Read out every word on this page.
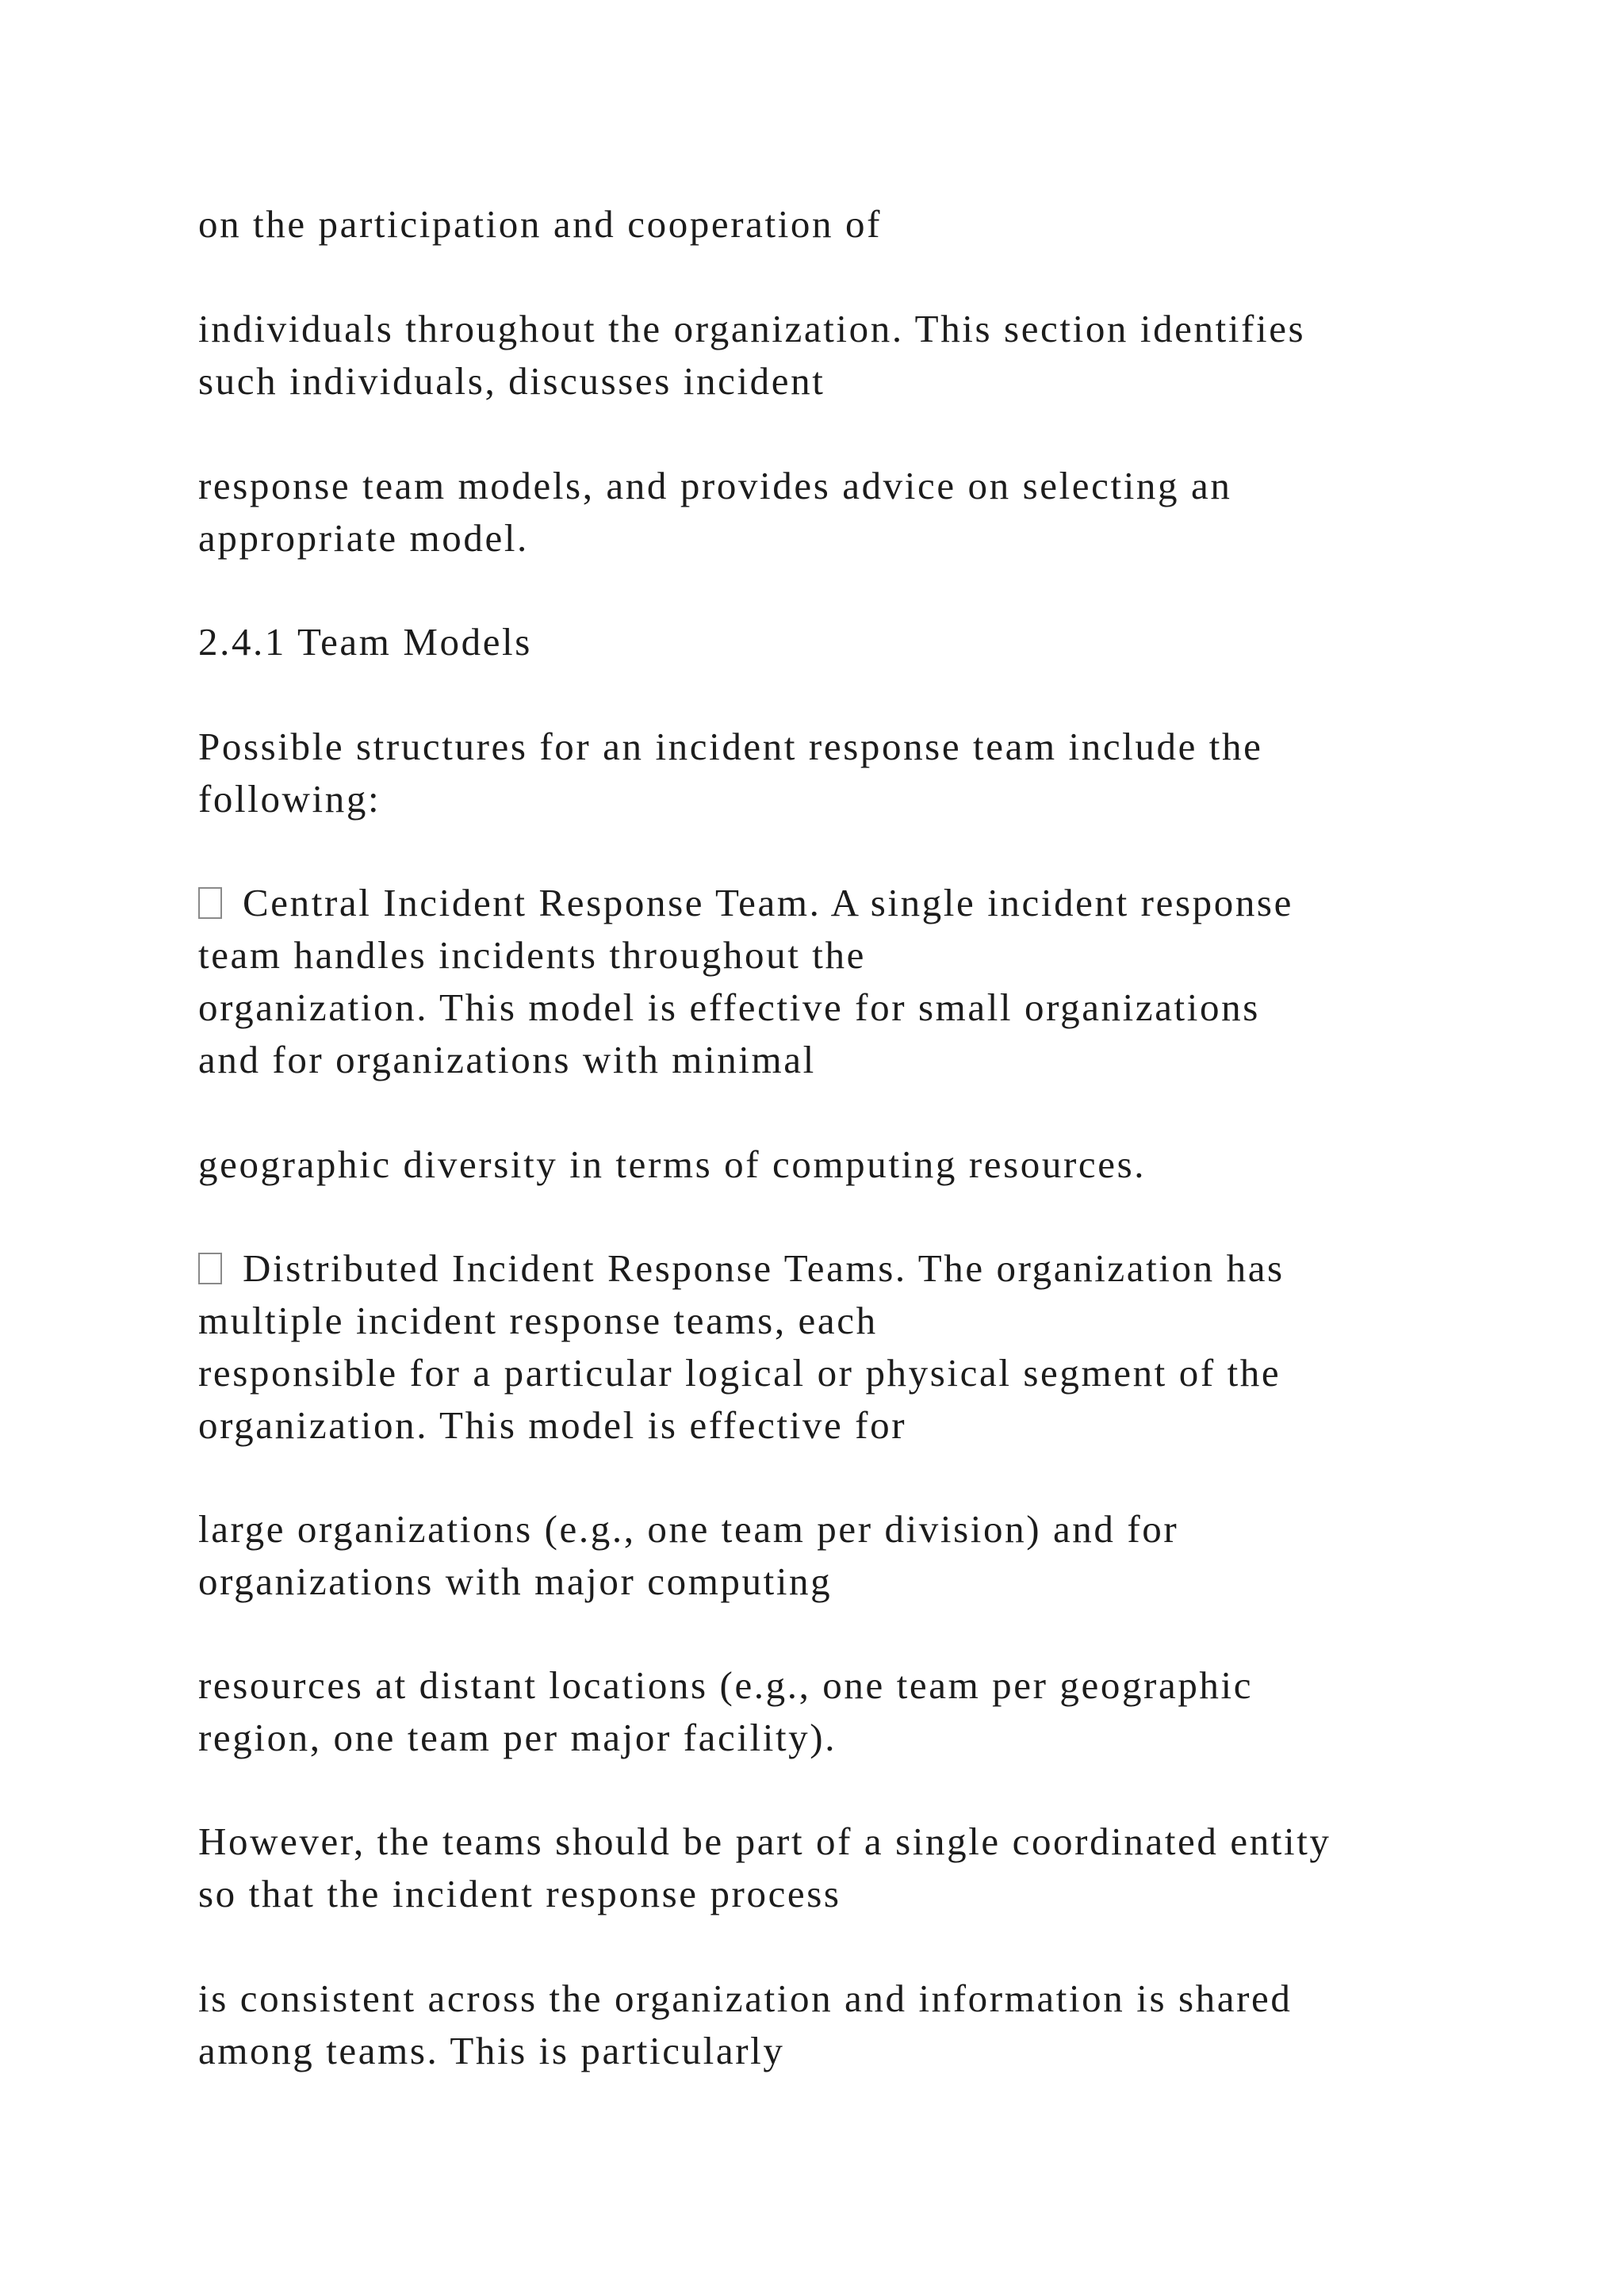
on the participation and cooperation of

individuals throughout the organization. This section identifies

such individuals, discusses incident

response team models, and provides advice on selecting an

appropriate model.

2.4.1 Team Models

Possible structures for an incident response team include the

following:

Central Incident Response Team. A single incident response

team handles incidents throughout the

organization. This model is effective for small organizations

and for organizations with minimal

geographic diversity in terms of computing resources.

Distributed Incident Response Teams. The organization has

multiple incident response teams, each

responsible for a particular logical or physical segment of the

organization. This model is effective for

large organizations (e.g., one team per division) and for

organizations with major computing

resources at distant locations (e.g., one team per geographic

region, one team per major facility).

However, the teams should be part of a single coordinated entity

so that the incident response process

is consistent across the organization and information is shared

among teams. This is particularly
